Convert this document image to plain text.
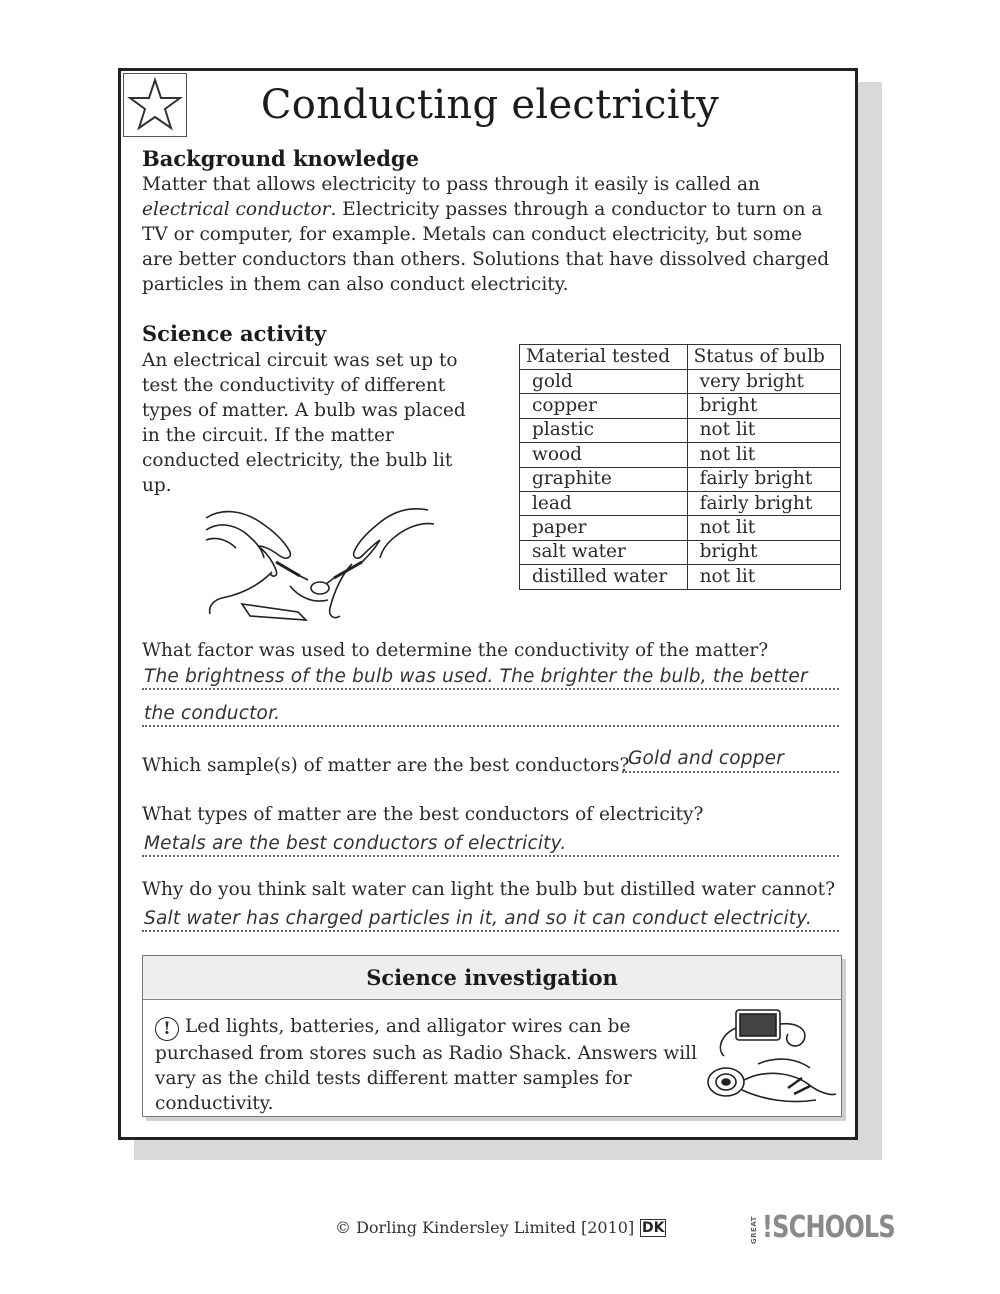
Conducting electricity
Background knowledge
Matter that allows electricity to pass through it easily is called an electrical conductor. Electricity passes through a conductor to turn on a TV or computer, for example. Metals can conduct electricity, but some are better conductors than others. Solutions that have dissolved charged particles in them can also conduct electricity.
Science activity
An electrical circuit was set up to test the conductivity of different types of matter. A bulb was placed in the circuit. If the matter conducted electricity, the bulb lit up.
Material tested	Status of bulb
gold	very bright
copper	bright
plastic	not lit
wood	not lit
graphite	fairly bright
lead	fairly bright
paper	not lit
salt water	bright
distilled water	not lit
What factor was used to determine the conductivity of the matter?
The brightness of the bulb was used. The brighter the bulb, the better
the conductor.
Which sample(s) of matter are the best conductors?
Gold and copper
What types of matter are the best conductors of electricity?
Metals are the best conductors of electricity.
Why do you think salt water can light the bulb but distilled water cannot?
Salt water has charged particles in it, and so it can conduct electricity.
Science investigation
! Led lights, batteries, and alligator wires can be purchased from stores such as Radio Shack. Answers will vary as the child tests different matter samples for conductivity.
© Dorling Kindersley Limited [2010] DK	GREAT !SCHOOLS
